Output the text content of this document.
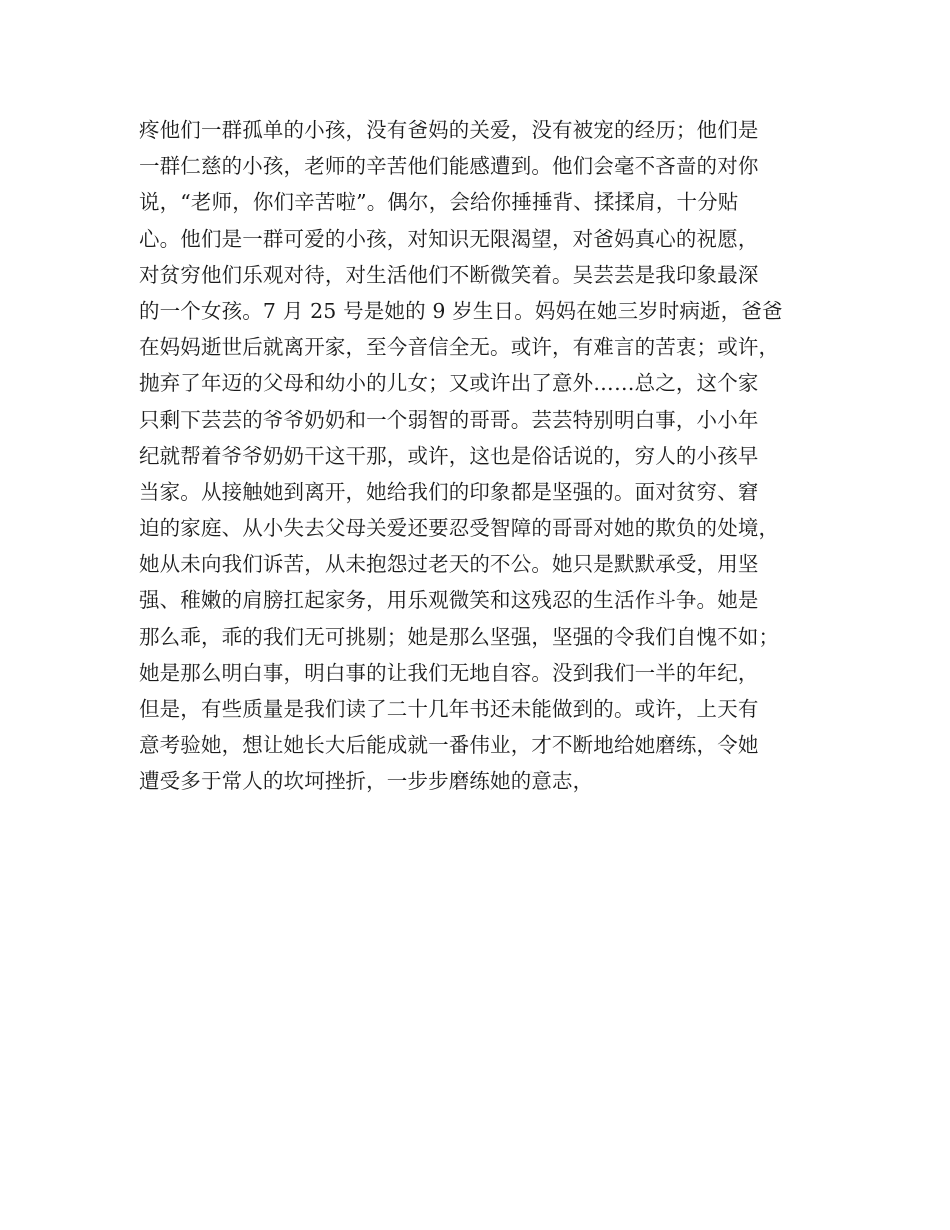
疼他们一群孤单的小孩，没有爸妈的关爱，没有被宠的经历；他们是
一群仁慈的小孩，老师的辛苦他们能感遭到。他们会毫不吝啬的对你
说，“老师，你们辛苦啦”。偶尔，会给你捶捶背、揉揉肩，十分贴
心。他们是一群可爱的小孩，对知识无限渴望，对爸妈真心的祝愿，
对贫穷他们乐观对待，对生活他们不断微笑着。吴芸芸是我印象最深
的一个女孩。7 月 25 号是她的 9 岁生日。妈妈在她三岁时病逝，爸爸
在妈妈逝世后就离开家，至今音信全无。或许，有难言的苦衷；或许，
抛弃了年迈的父母和幼小的儿女；又或许出了意外……总之，这个家
只剩下芸芸的爷爷奶奶和一个弱智的哥哥。芸芸特别明白事，小小年
纪就帮着爷爷奶奶干这干那，或许，这也是俗话说的，穷人的小孩早
当家。从接触她到离开，她给我们的印象都是坚强的。面对贫穷、窘
迫的家庭、从小失去父母关爱还要忍受智障的哥哥对她的欺负的处境，
她从未向我们诉苦，从未抱怨过老天的不公。她只是默默承受，用坚
强、稚嫩的肩膀扛起家务，用乐观微笑和这残忍的生活作斗争。她是
那么乖，乖的我们无可挑剔；她是那么坚强，坚强的令我们自愧不如；
她是那么明白事，明白事的让我们无地自容。没到我们一半的年纪，
但是，有些质量是我们读了二十几年书还未能做到的。或许，上天有
意考验她，想让她长大后能成就一番伟业，才不断地给她磨练，令她
遭受多于常人的坎坷挫折，一步步磨练她的意志，
